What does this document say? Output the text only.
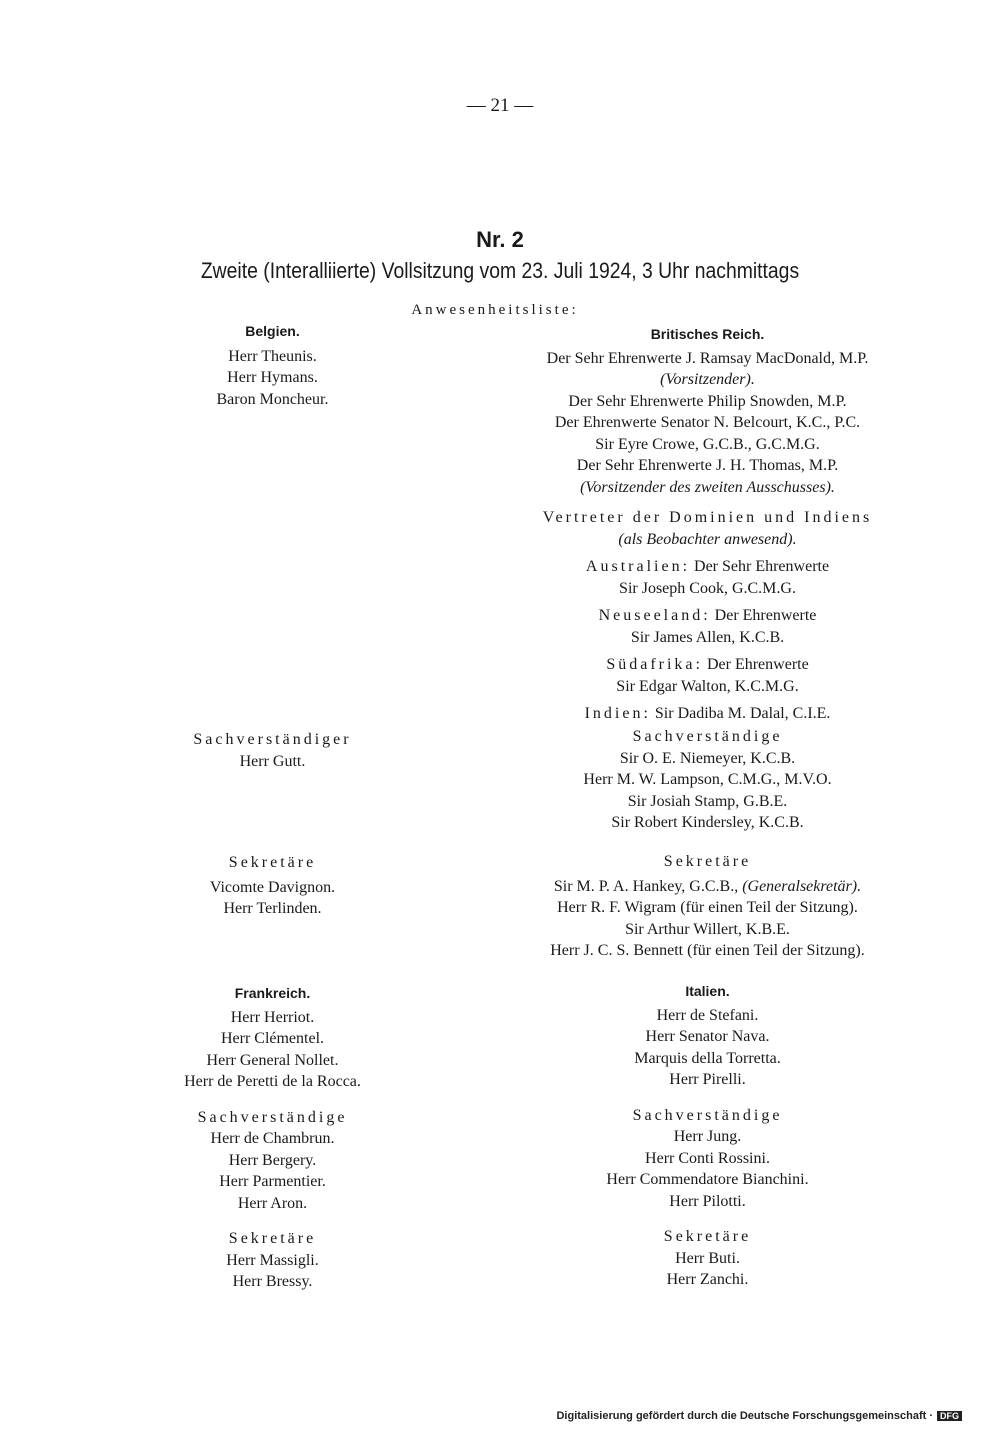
— 21 —
Nr. 2
Zweite (Interalliierte) Vollsitzung vom 23. Juli 1924, 3 Uhr nachmittags
Anwesenheitsliste:
Belgien.
Herr Theunis.
Herr Hymans.
Baron Moncheur.
Britisches Reich.
Der Sehr Ehrenwerte J. Ramsay MacDonald, M.P.
(Vorsitzender).
Der Sehr Ehrenwerte Philip Snowden, M.P.
Der Ehrenwerte Senator N. Belcourt, K.C., P.C.
Sir Eyre Crowe, G.C.B., G.C.M.G.
Der Sehr Ehrenwerte J. H. Thomas, M.P.
(Vorsitzender des zweiten Ausschusses).
Vertreter der Dominien und Indiens
(als Beobachter anwesend).
Australien: Der Sehr Ehrenwerte
Sir Joseph Cook, G.C.M.G.
Neuseeland: Der Ehrenwerte
Sir James Allen, K.C.B.
Südafrika: Der Ehrenwerte
Sir Edgar Walton, K.C.M.G.
Indien: Sir Dadiba M. Dalal, C.I.E.
Sachverständiger
Herr Gutt.
Sachverständige
Sir O. E. Niemeyer, K.C.B.
Herr M. W. Lampson, C.M.G., M.V.O.
Sir Josiah Stamp, G.B.E.
Sir Robert Kindersley, K.C.B.
Sekretäre
Vicomte Davignon.
Herr Terlinden.
Sekretäre
Sir M. P. A. Hankey, G.C.B., (Generalsekretär).
Herr R. F. Wigram (für einen Teil der Sitzung).
Sir Arthur Willert, K.B.E.
Herr J. C. S. Bennett (für einen Teil der Sitzung).
Frankreich.
Herr Herriot.
Herr Clémentel.
Herr General Nollet.
Herr de Peretti de la Rocca.
Sachverständige
Herr de Chambrun.
Herr Bergery.
Herr Parmentier.
Herr Aron.
Sekretäre
Herr Massigli.
Herr Bressy.
Italien.
Herr de Stefani.
Herr Senator Nava.
Marquis della Torretta.
Herr Pirelli.
Sachverständige
Herr Jung.
Herr Conti Rossini.
Herr Commendatore Bianchini.
Herr Pilotti.
Sekretäre
Herr Buti.
Herr Zanchi.
Digitalisierung gefördert durch die Deutsche Forschungsgemeinschaft · DFG
